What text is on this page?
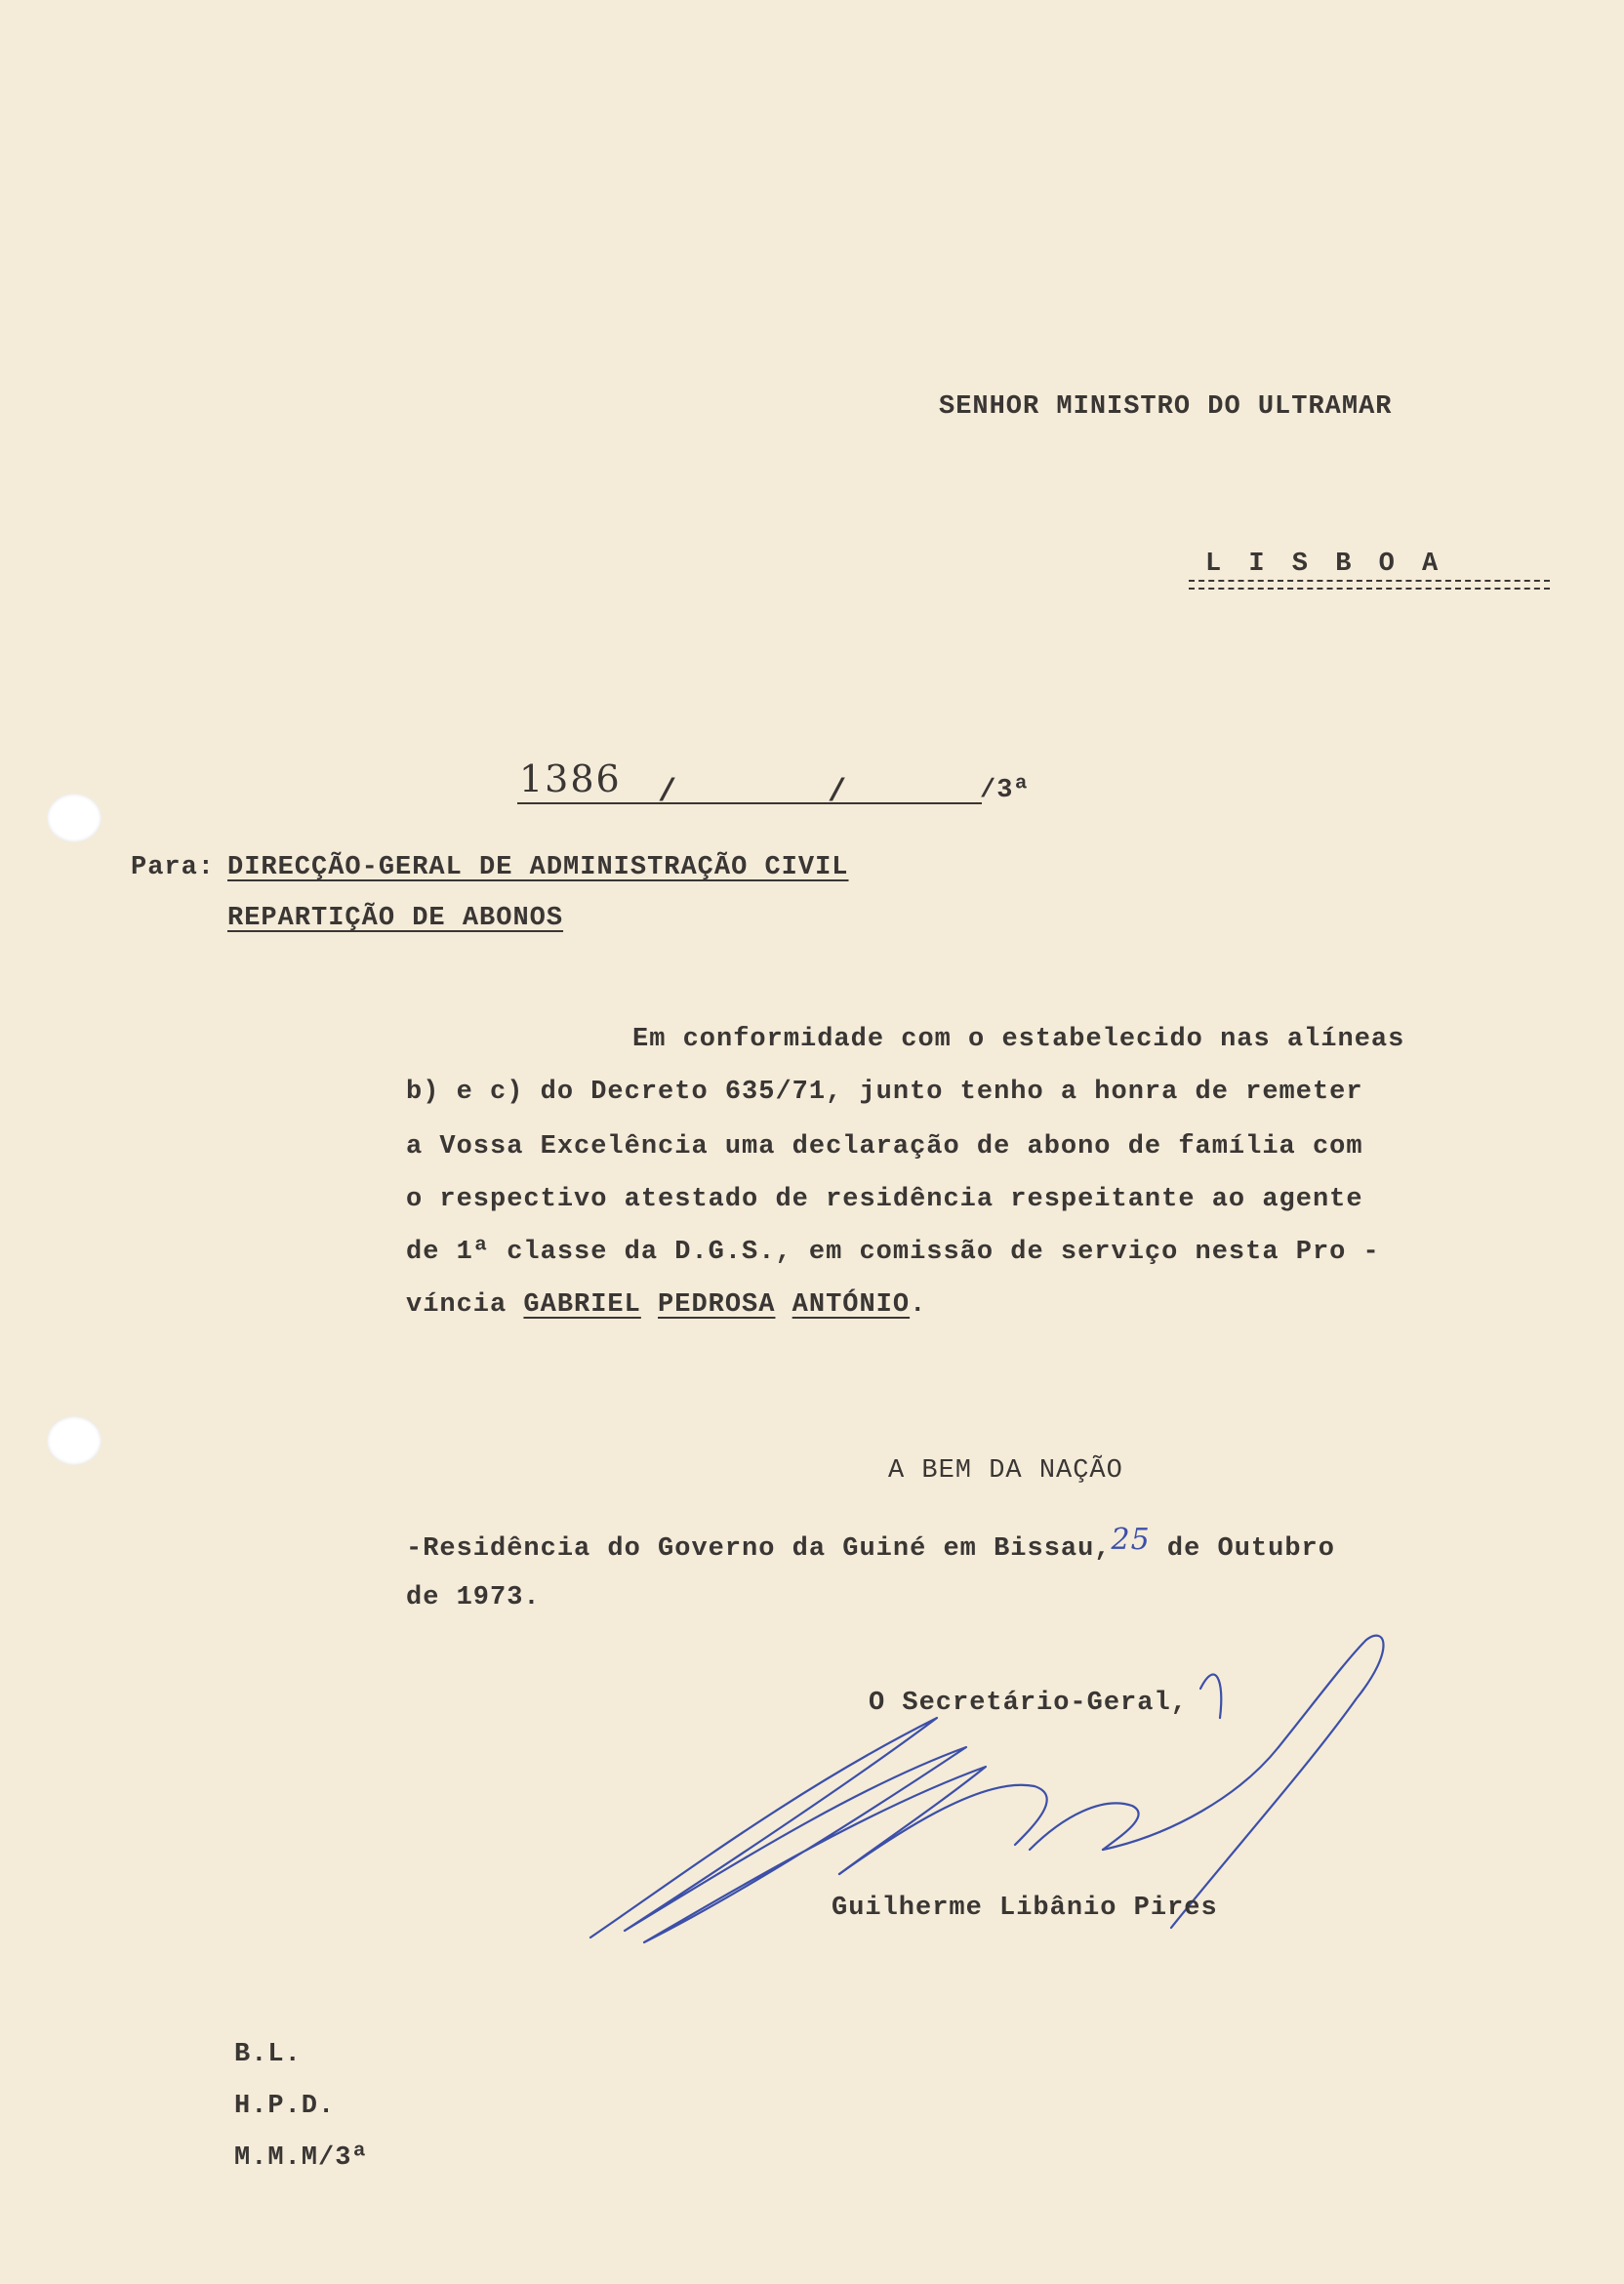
SENHOR MINISTRO DO ULTRAMAR
L I S B O A
1386 /	/	/3ª
Para: DIRECÇÃO-GERAL DE ADMINISTRAÇÃO CIVIL
REPARTIÇÃO DE ABONOS
Em conformidade com o estabelecido nas alíneas
b) e c) do Decreto 635/71, junto tenho a honra de remeter
a Vossa Excelência uma declaração de abono de família com
o respectivo atestado de residência respeitante ao agente
de 1ª classe da D.G.S., em comissão de serviço nesta Pro -
víncia GABRIEL PEDROSA ANTÓNIO.
A BEM DA NAÇÃO
-Residência do Governo da Guiné em Bissau,25 de Outubro
de 1973.
O Secretário-Geral,
Guilherme Libânio Pires
B.L.
H.P.D.
M.M.M/3ª
